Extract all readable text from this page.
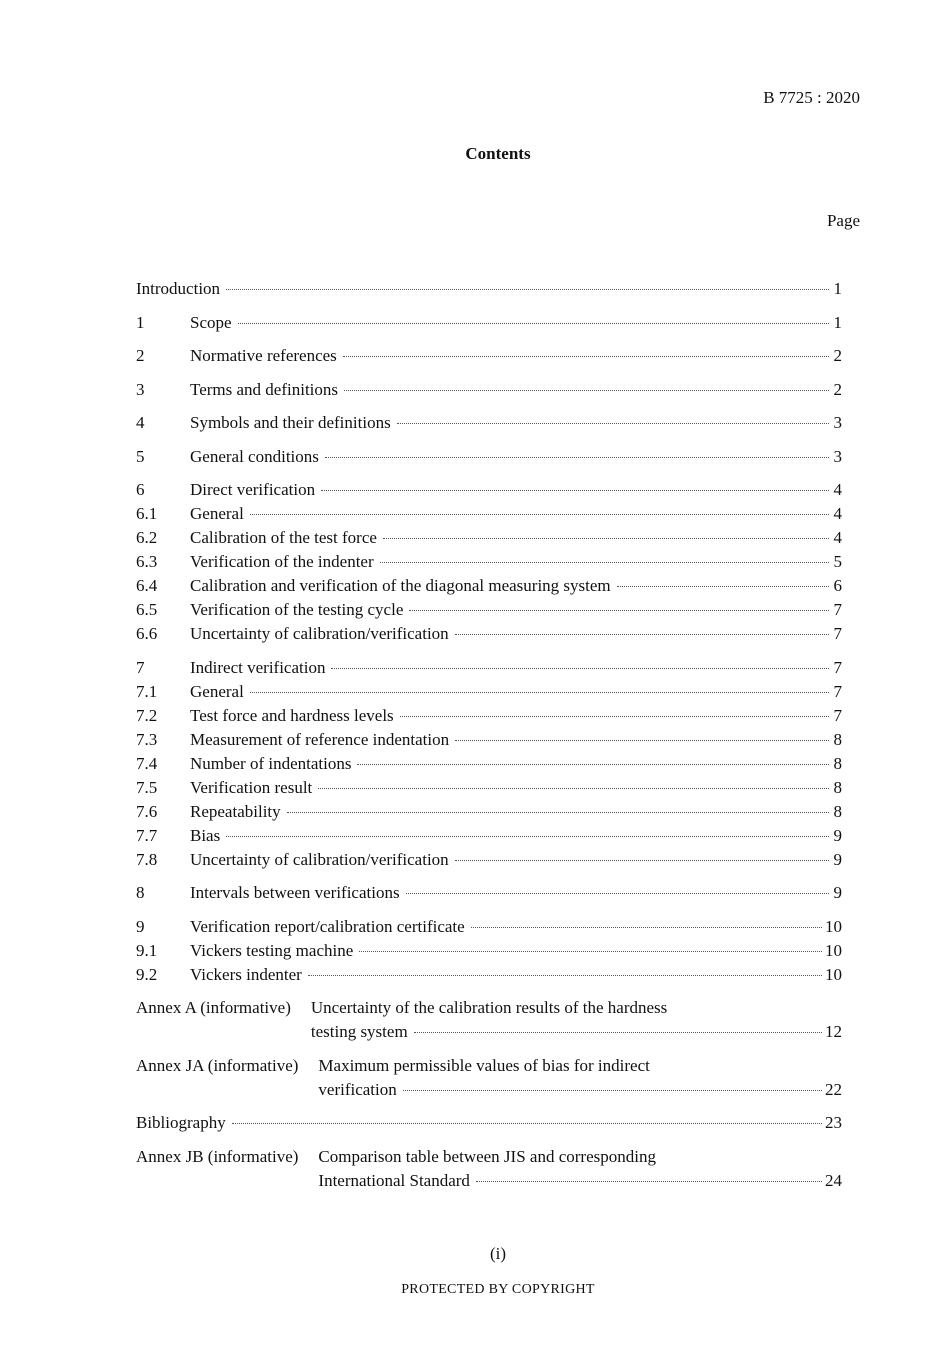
B 7725 : 2020
Contents
Page
Introduction	1
1	Scope	1
2	Normative references	2
3	Terms and definitions	2
4	Symbols and their definitions	3
5	General conditions	3
6	Direct verification	4
6.1	General	4
6.2	Calibration of the test force	4
6.3	Verification of the indenter	5
6.4	Calibration and verification of the diagonal measuring system	6
6.5	Verification of the testing cycle	7
6.6	Uncertainty of calibration/verification	7
7	Indirect verification	7
7.1	General	7
7.2	Test force and hardness levels	7
7.3	Measurement of reference indentation	8
7.4	Number of indentations	8
7.5	Verification result	8
7.6	Repeatability	8
7.7	Bias	9
7.8	Uncertainty of calibration/verification	9
8	Intervals between verifications	9
9	Verification report/calibration certificate	10
9.1	Vickers testing machine	10
9.2	Vickers indenter	10
Annex A (informative) Uncertainty of the calibration results of the hardness
testing system	12
Annex JA (informative) Maximum permissible values of bias for indirect
verification	22
Bibliography	23
Annex JB (informative) Comparison table between JIS and corresponding
International Standard	24
(i)
PROTECTED BY COPYRIGHT
